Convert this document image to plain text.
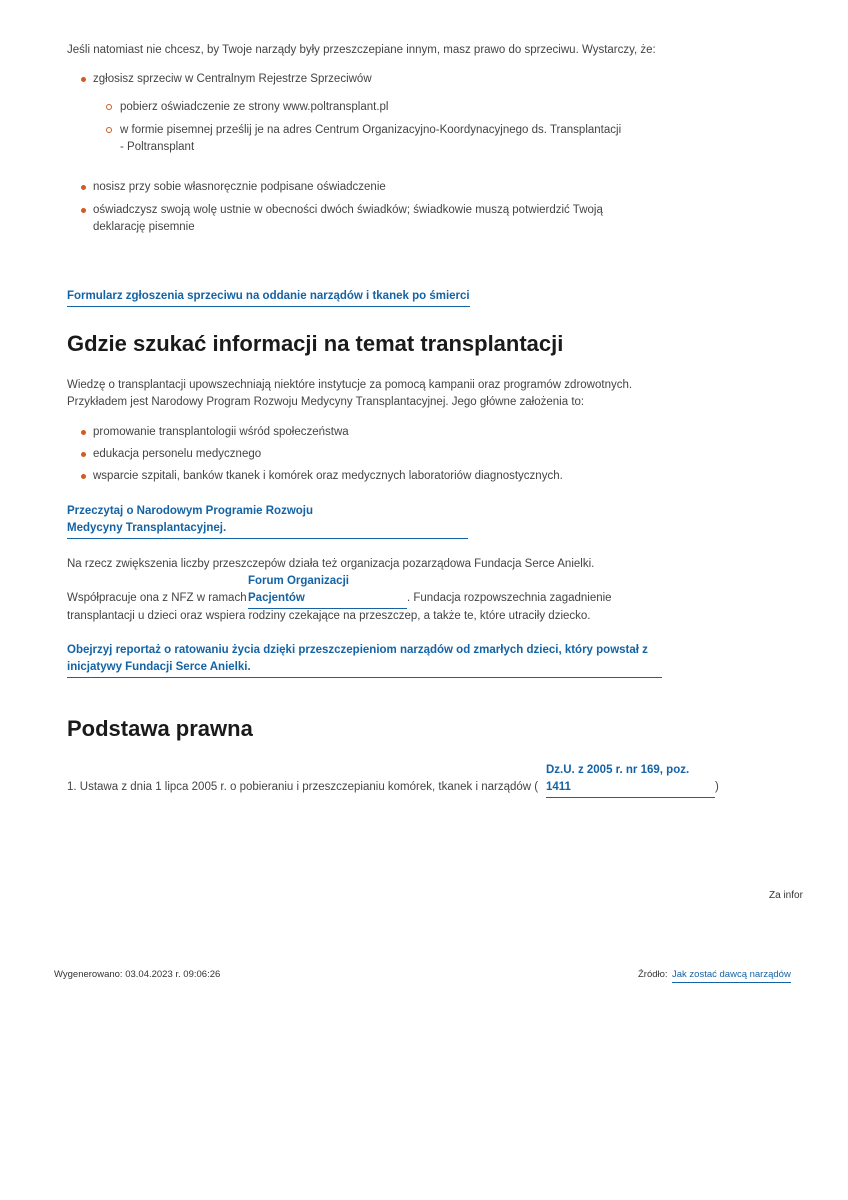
Jeśli natomiast nie chcesz, by Twoje narządy były przeszczepiane innym, masz prawo do sprzeciwu. Wystarczy, że:
zgłosisz sprzeciw w Centralnym Rejestrze Sprzeciwów
pobierz oświadczenie ze strony www.poltransplant.pl
w formie pisemnej prześlij je na adres Centrum Organizacyjno-Koordynacyjnego ds. Transplantacji
- Poltransplant
nosisz przy sobie własnoręcznie podpisane oświadczenie
oświadczysz swoją wolę ustnie w obecności dwóch świadków; świadkowie muszą potwierdzić Twoją
deklarację pisemnie
Formularz zgłoszenia sprzeciwu na oddanie narządów i tkanek po śmierci
Gdzie szukać informacji na temat transplantacji
Wiedzę o transplantacji upowszechniają niektóre instytucje za pomocą kampanii oraz programów zdrowotnych.
Przykładem jest Narodowy Program Rozwoju Medycyny Transplantacyjnej. Jego główne założenia to:
promowanie transplantologii wśród społeczeństwa
edukacja personelu medycznego
wsparcie szpitali, banków tkanek i komórek oraz medycznych laboratoriów diagnostycznych.
Przeczytaj o Narodowym Programie Rozwoju
Medycyny Transplantacyjnej.
Na rzecz zwiększenia liczby przeszczepów działa też organizacja pozarządowa Fundacja Serce Anielki.
Współpracuje ona z NFZ w ramach
Forum Organizacji
Pacjentów	. Fundacja rozpowszechnia zagadnienie
transplantacji u dzieci oraz wspiera rodziny czekające na przeszczep, a także te, które utraciły dziecko.
Obejrzyj reportaż o ratowaniu życia dzięki przeszczepieniom narządów od zmarłych dzieci, który powstał z
inicjatywy Fundacji Serce Anielki.
Podstawa prawna
1. Ustawa z dnia 1 lipca 2005 r. o pobieraniu i przeszczepianiu komórek, tkanek i narządów (
Dz.U. z 2005 r. nr 169, poz.
1411	)
Za infor
Wygenerowano: 03.04.2023 r. 09:06:26	Źródło: Jak zostać dawcą narządów
